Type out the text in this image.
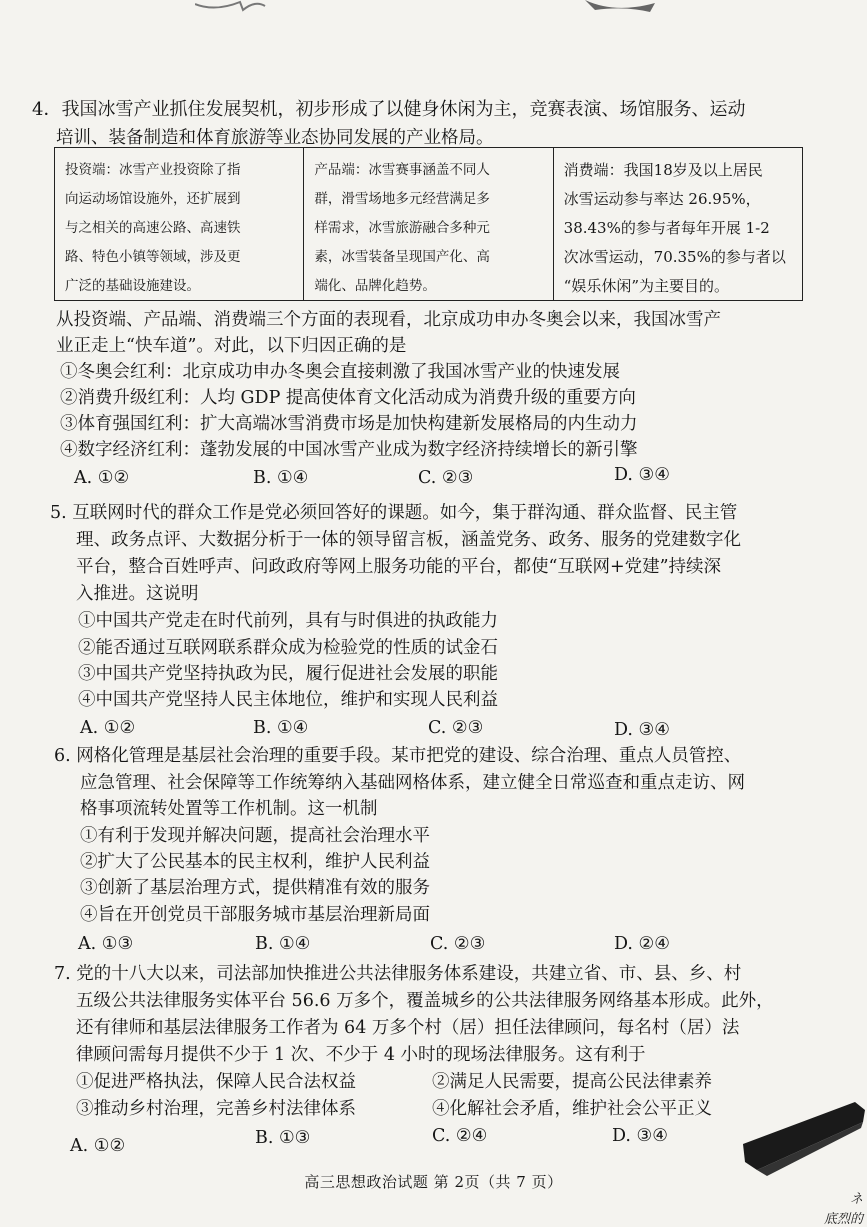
4．我国冰雪产业抓住发展契机，初步形成了以健身休闲为主，竞赛表演、场馆服务、运动
培训、装备制造和体育旅游等业态协同发展的产业格局。

投资端：冰雪产业投资除了指

向运动场馆设施外，还扩展到

与之相关的高速公路、高速铁

路、特色小镇等领域，涉及更

广泛的基础设施建设。

产品端：冰雪赛事涵盖不同人

群，滑雪场地多元经营满足多

样需求，冰雪旅游融合多种元

素，冰雪装备呈现国产化、高

端化、品牌化趋势。

消费端：我国18岁及以上居民

冰雪运动参与率达 26.95%，

38.43%的参与者每年开展 1-2

次冰雪运动，70.35%的参与者以

“娱乐休闲”为主要目的。

从投资端、产品端、消费端三个方面的表现看，北京成功申办冬奥会以来，我国冰雪产
业正走上“快车道”。对此，以下归因正确的是
①冬奥会红利：北京成功申办冬奥会直接刺激了我国冰雪产业的快速发展
②消费升级红利：人均 GDP 提高使体育文化活动成为消费升级的重要方向
③体育强国红利：扩大高端冰雪消费市场是加快构建新发展格局的内生动力
④数字经济红利：蓬勃发展的中国冰雪产业成为数字经济持续增长的新引擎
A. ①②	B. ①④	C. ②③	D. ③④
5. 互联网时代的群众工作是党必须回答好的课题。如今，集于群沟通、群众监督、民主管
理、政务点评、大数据分析于一体的领导留言板，涵盖党务、政务、服务的党建数字化
平台，整合百姓呼声、问政政府等网上服务功能的平台，都使“互联网+党建”持续深
入推进。这说明
①中国共产党走在时代前列，具有与时俱进的执政能力
②能否通过互联网联系群众成为检验党的性质的试金石
③中国共产党坚持执政为民，履行促进社会发展的职能
④中国共产党坚持人民主体地位，维护和实现人民利益
A. ①②	B. ①④	C. ②③	D. ③④
6. 网格化管理是基层社会治理的重要手段。某市把党的建设、综合治理、重点人员管控、
应急管理、社会保障等工作统筹纳入基础网格体系，建立健全日常巡查和重点走访、网
格事项流转处置等工作机制。这一机制
①有利于发现并解决问题，提高社会治理水平
②扩大了公民基本的民主权利，维护人民利益
③创新了基层治理方式，提供精准有效的服务
④旨在开创党员干部服务城市基层治理新局面
A. ①③	B. ①④	C. ②③	D. ②④
7. 党的十八大以来，司法部加快推进公共法律服务体系建设，共建立省、市、县、乡、村
五级公共法律服务实体平台 56.6 万多个，覆盖城乡的公共法律服务网络基本形成。此外，
还有律师和基层法律服务工作者为 64 万多个村（居）担任法律顾问，每名村（居）法
律顾问需每月提供不少于 1 次、不少于 4 小时的现场法律服务。这有利于
①促进严格执法，保障人民合法权益	②满足人民需要，提高公民法律素养
③推动乡村治理，完善乡村法律体系	④化解社会矛盾，维护社会公平正义
A. ①②	B. ①③	C. ②④	D. ③④
高三思想政治试题 第 2页（共 7 页）
ネ
底烈的
